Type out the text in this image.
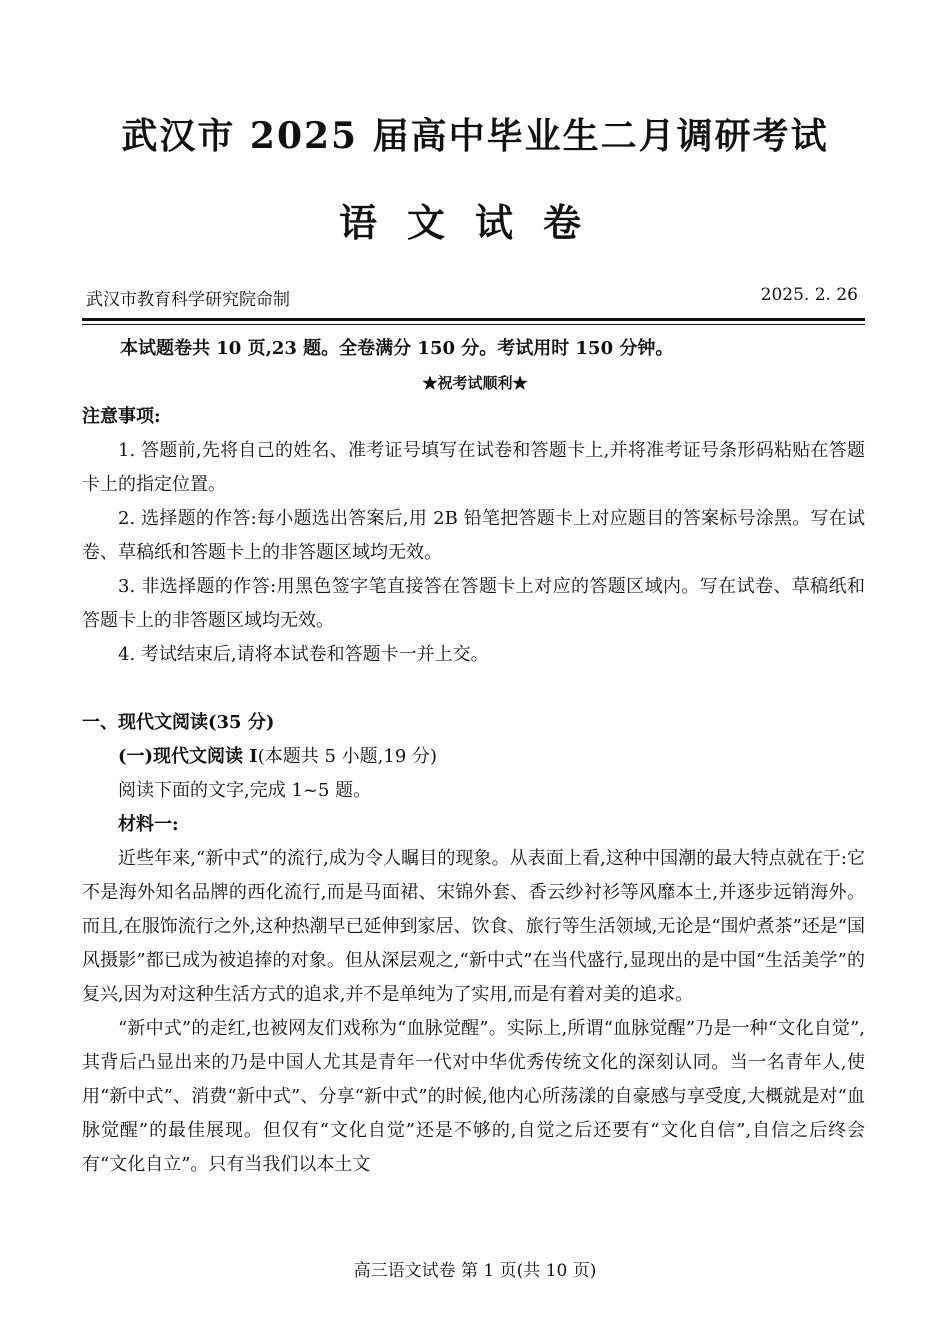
武汉市 2025 届高中毕业生二月调研考试
语文试卷
武汉市教育科学研究院命制	2025. 2. 26
本试题卷共 10 页,23 题。全卷满分 150 分。考试用时 150 分钟。
★祝考试顺利★

注意事项:

1. 答题前,先将自己的姓名、准考证号填写在试卷和答题卡上,并将准考证号条形码粘贴在答题卡上的指定位置。

2. 选择题的作答:每小题选出答案后,用 2B 铅笔把答题卡上对应题目的答案标号涂黑。写在试卷、草稿纸和答题卡上的非答题区域均无效。

3. 非选择题的作答:用黑色签字笔直接答在答题卡上对应的答题区域内。写在试卷、草稿纸和答题卡上的非答题区域均无效。

4. 考试结束后,请将本试卷和答题卡一并上交。

一、现代文阅读(35 分)

(一)现代文阅读 I(本题共 5 小题,19 分)

阅读下面的文字,完成 1~5 题。

材料一:

近些年来,“新中式”的流行,成为令人瞩目的现象。从表面上看,这种中国潮的最大特点就在于:它不是海外知名品牌的西化流行,而是马面裙、宋锦外套、香云纱衬衫等风靡本土,并逐步远销海外。而且,在服饰流行之外,这种热潮早已延伸到家居、饮食、旅行等生活领域,无论是“围炉煮茶”还是“国风摄影”都已成为被追捧的对象。但从深层观之,“新中式”在当代盛行,显现出的是中国“生活美学”的复兴,因为对这种生活方式的追求,并不是单纯为了实用,而是有着对美的追求。

“新中式”的走红,也被网友们戏称为“血脉觉醒”。实际上,所谓“血脉觉醒”乃是一种“文化自觉”,其背后凸显出来的乃是中国人尤其是青年一代对中华优秀传统文化的深刻认同。当一名青年人,使用“新中式”、消费“新中式”、分享“新中式”的时候,他内心所荡漾的自豪感与享受度,大概就是对“血脉觉醒”的最佳展现。但仅有“文化自觉”还是不够的,自觉之后还要有“文化自信”,自信之后终会有“文化自立”。只有当我们以本土文

高三语文试卷 第 1 页(共 10 页)
